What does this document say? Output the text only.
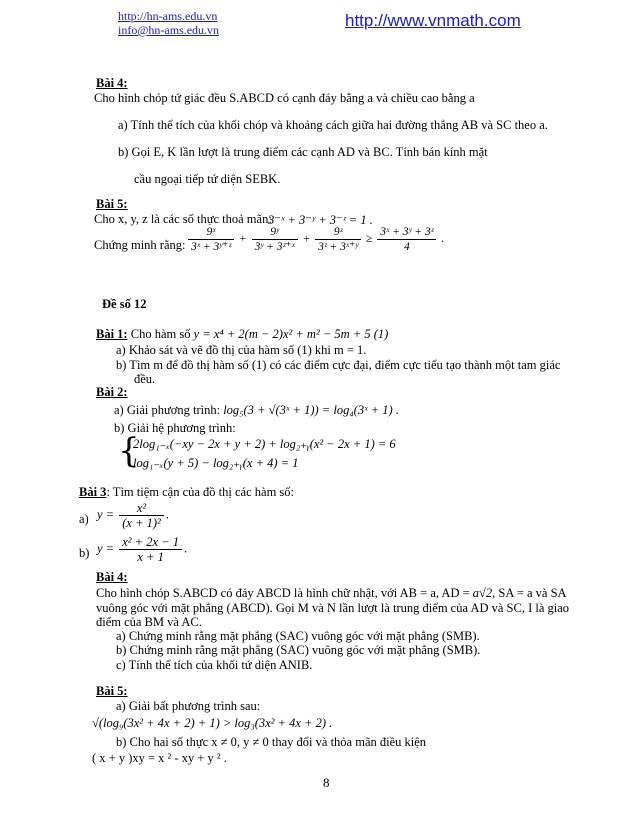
http://hn-ams.edu.vn
info@hn-ams.edu.vn	http://www.vnmath.com
Bài 4:
Cho hình chóp tứ giác đều S.ABCD có cạnh đáy bằng a và chiều cao bằng a
a) Tính thể tích của khối chóp và khoảng cách giữa hai đường thẳng AB và SC theo a.
b) Gọi E, K lần lượt là trung điểm các cạnh AD và BC. Tính bán kính mặt
cầu ngoại tiếp tứ diện SEBK.
Bài 5:
Cho x, y, z là các số thực thoả mãn:
3⁻ˣ + 3⁻ʸ + 3⁻ᶻ = 1 .
Chứng minh rằng: $\frac{\text{9ˣ}}{\text{3ˣ + 3ʸ⁺ᶻ}} + \frac{\text{9ʸ}}{\text{3ʸ + 3ᶻ⁺ˣ}} + \frac{\text{9ᶻ}}{\text{3ᶻ + 3ˣ⁺ʸ}} \ge \frac{\text{3ˣ + 3ʸ + 3ᶻ}}{4}$ .
Đề số 12
Bài 1: Cho hàm số y = x⁴ + 2(m − 2)x² + m² − 5m + 5 (1)
a) Khảo sát và vẽ đồ thị của hàm số (1) khi m = 1.
b) Tìm m để đồ thị hàm số (1) có các điểm cực đại, điểm cực tiểu tạo thành một tam giác
đều.
Bài 2:
a) Giải phương trình: log₅(3 + √(3ˣ + 1)) = log₄(3ˣ + 1) .
b) Giải hệ phương trình:
{
2log₁₋ₓ(−xy − 2x + y + 2) + log₂₊ᵧ(x² − 2x + 1) = 6
log₁₋ₓ(y + 5) − log₂₊ᵧ(x + 4) = 1
Bài 3: Tìm tiệm cận của đồ thị các hàm số:
a) $y = \frac{\text{x²}}{\text{(x + 1)²}}$ .
b) $y = \frac{\text{x² + 2x − 1}}{x + 1}$ .
Bài 4:
Cho hình chóp S.ABCD có đáy ABCD là hình chữ nhật, với AB = a, AD = a√2, SA = a và SA
vuông góc với mặt phẳng (ABCD). Gọi M và N lần lượt là trung điểm của AD và SC, I là giao
điểm của BM và AC.
a) Chứng minh rằng mặt phẳng (SAC) vuông góc với mặt phẳng (SMB).
b) Chứng minh rằng mặt phẳng (SAC) vuông góc với mặt phẳng (SMB).
c) Tính thể tích của khối tứ diện ANIB.
Bài 5:
a) Giải bất phương trình sau:
√(log₉(3x² + 4x + 2) + 1) > log₃(3x² + 4x + 2) .
b) Cho hai số thực x ≠ 0, y ≠ 0 thay đổi và thỏa mãn điều kiện
( x + y )xy = x ² - xy + y ² .
8
